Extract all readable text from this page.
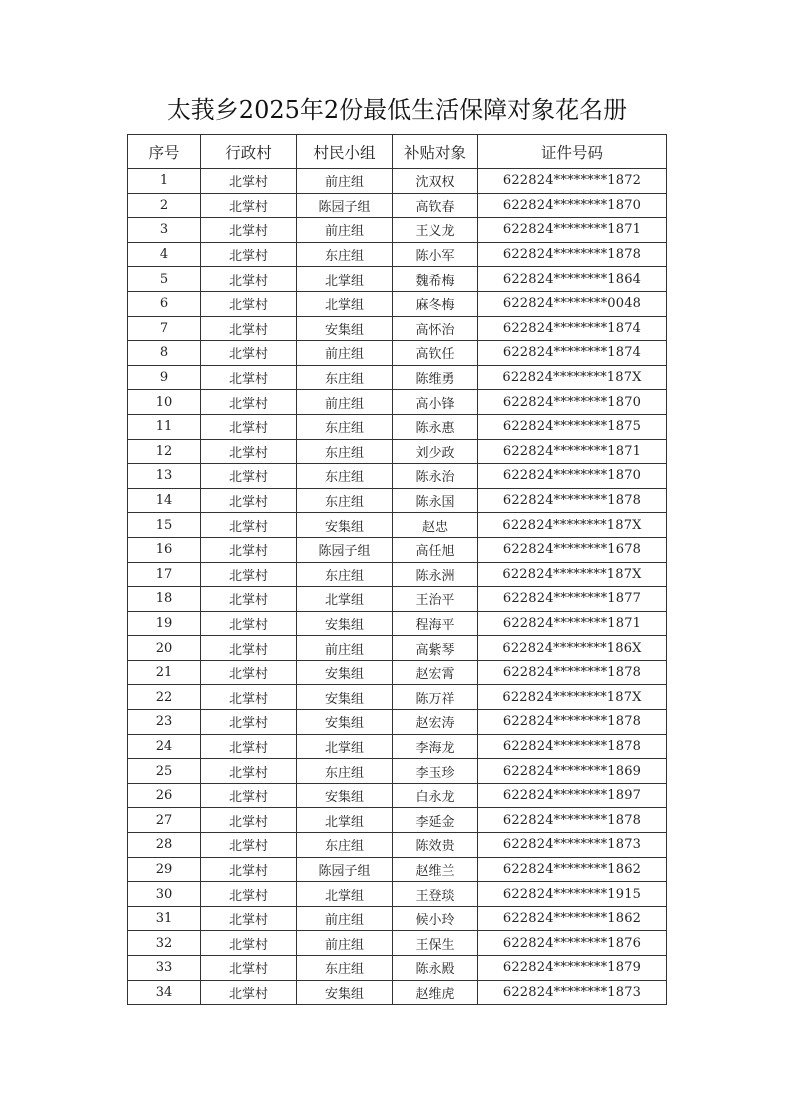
太莪乡2025年2份最低生活保障对象花名册
序号	行政村	村民小组	补贴对象	证件号码
1	北掌村	前庄组	沈双权	622824********1872
2	北掌村	陈园子组	高钦春	622824********1870
3	北掌村	前庄组	王义龙	622824********1871
4	北掌村	东庄组	陈小军	622824********1878
5	北掌村	北掌组	魏希梅	622824********1864
6	北掌村	北掌组	麻冬梅	622824********0048
7	北掌村	安集组	高怀治	622824********1874
8	北掌村	前庄组	高钦任	622824********1874
9	北掌村	东庄组	陈维勇	622824********187X
10	北掌村	前庄组	高小锋	622824********1870
11	北掌村	东庄组	陈永惠	622824********1875
12	北掌村	东庄组	刘少政	622824********1871
13	北掌村	东庄组	陈永治	622824********1870
14	北掌村	东庄组	陈永国	622824********1878
15	北掌村	安集组	赵忠	622824********187X
16	北掌村	陈园子组	高任旭	622824********1678
17	北掌村	东庄组	陈永洲	622824********187X
18	北掌村	北掌组	王治平	622824********1877
19	北掌村	安集组	程海平	622824********1871
20	北掌村	前庄组	高紫琴	622824********186X
21	北掌村	安集组	赵宏霄	622824********1878
22	北掌村	安集组	陈万祥	622824********187X
23	北掌村	安集组	赵宏涛	622824********1878
24	北掌村	北掌组	李海龙	622824********1878
25	北掌村	东庄组	李玉珍	622824********1869
26	北掌村	安集组	白永龙	622824********1897
27	北掌村	北掌组	李延金	622824********1878
28	北掌村	东庄组	陈效贵	622824********1873
29	北掌村	陈园子组	赵维兰	622824********1862
30	北掌村	北掌组	王登琰	622824********1915
31	北掌村	前庄组	候小玲	622824********1862
32	北掌村	前庄组	王保生	622824********1876
33	北掌村	东庄组	陈永殿	622824********1879
34	北掌村	安集组	赵维虎	622824********1873
